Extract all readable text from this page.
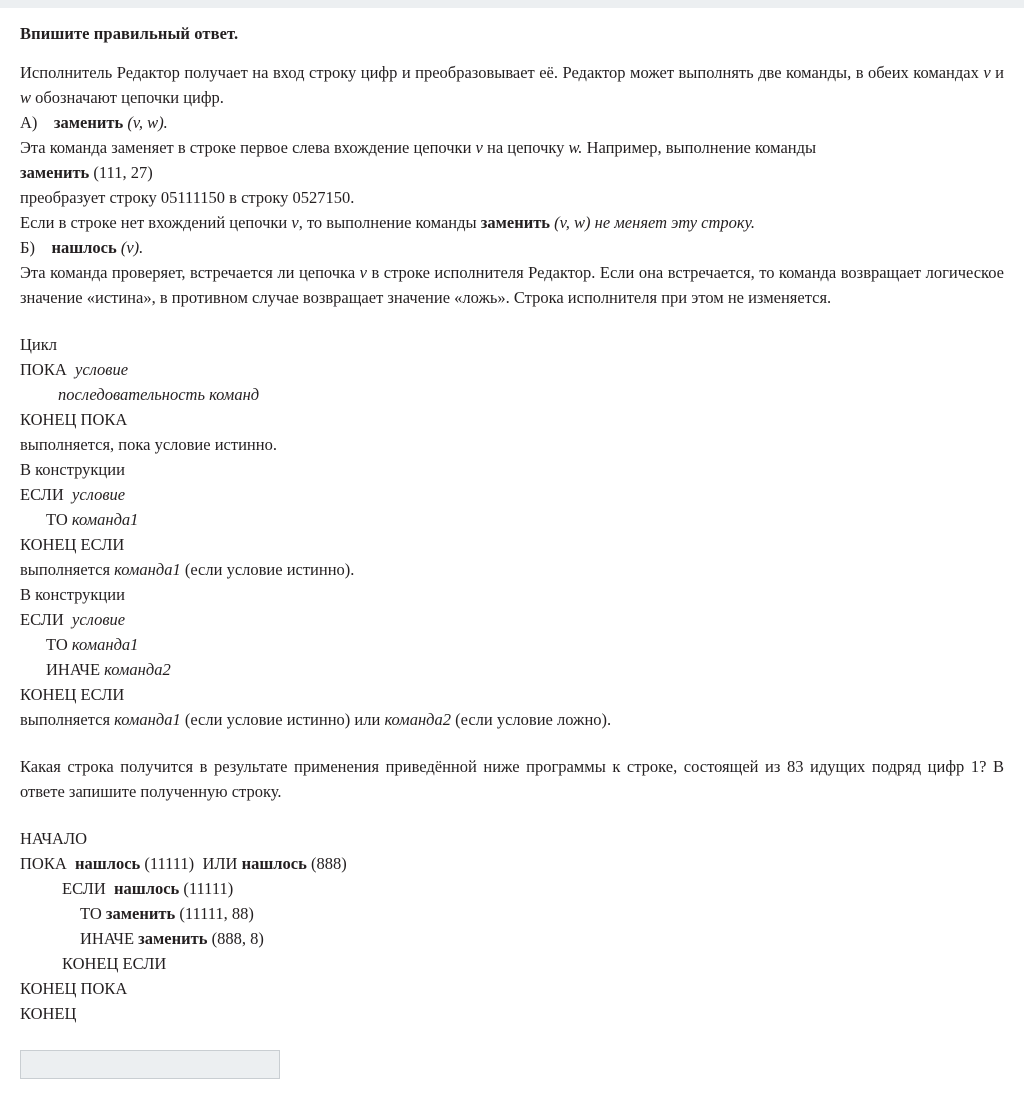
Впишите правильный ответ.

Исполнитель Редактор получает на вход строку цифр и преобразовывает её. Редактор может выполнять две команды, в обеих командах v и w обозначают цепочки цифр.

А) заменить (v, w).
Эта команда заменяет в строке первое слева вхождение цепочки v на цепочку w. Например, выполнение команды
заменить (111, 27)
преобразует строку 05111150 в строку 0527150.
Если в строке нет вхождений цепочки v, то выполнение команды заменить (v, w) не меняет эту строку.
Б) нашлось (v).

Эта команда проверяет, встречается ли цепочка v в строке исполнителя Редактор. Если она встречается, то команда возвращает логическое значение «истина», в противном случае возвращает значение «ложь». Строка исполнителя при этом не изменяется.

Цикл
ПОКА условие
последовательность команд
КОНЕЦ ПОКА
выполняется, пока условие истинно.
В конструкции
ЕСЛИ условие
ТО команда1
КОНЕЦ ЕСЛИ
выполняется команда1 (если условие истинно).
В конструкции
ЕСЛИ условие
ТО команда1
ИНАЧЕ команда2
КОНЕЦ ЕСЛИ
выполняется команда1 (если условие истинно) или команда2 (если условие ложно).

Какая строка получится в результате применения приведённой ниже программы к строке, состоящей из 83 идущих подряд цифр 1? В ответе запишите полученную строку.

НАЧАЛО
ПОКА нашлось (11111) ИЛИ нашлось (888)
ЕСЛИ нашлось (11111)
ТО заменить (11111, 88)
ИНАЧЕ заменить (888, 8)
КОНЕЦ ЕСЛИ
КОНЕЦ ПОКА
КОНЕЦ
